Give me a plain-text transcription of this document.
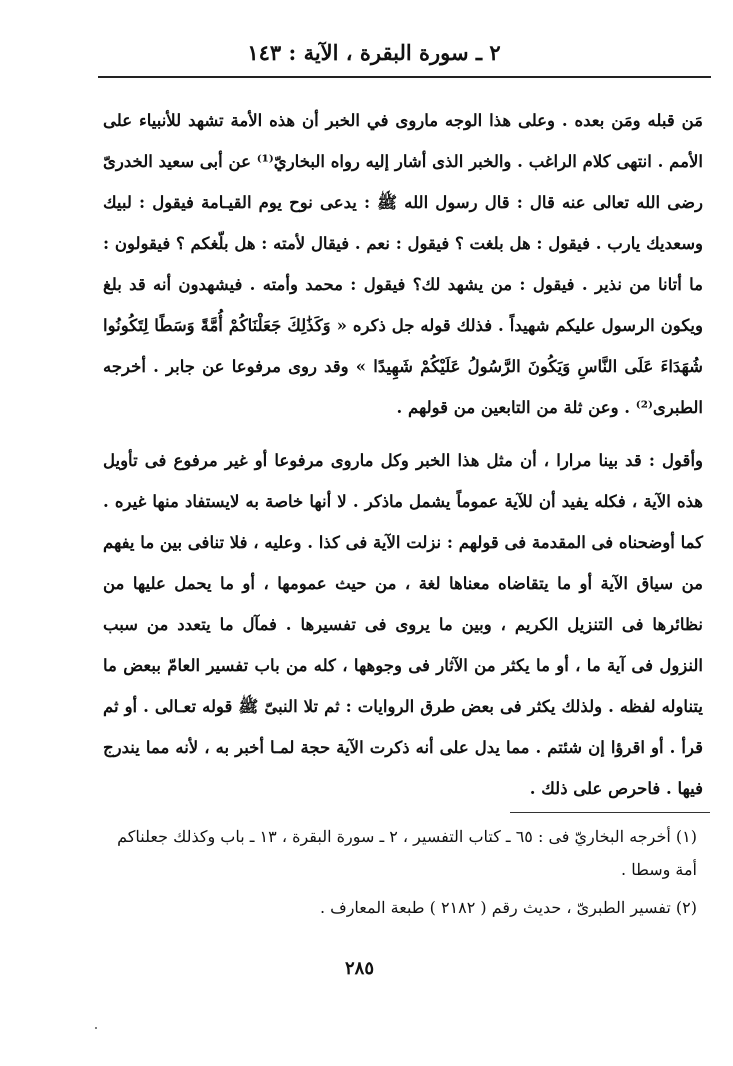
٢ ـ سورة البقرة ، الآية : ١٤٣

مَن قبله ومَن بعده . وعلى هذا الوجه ماروى في الخبر أن هذه الأمة تشهد للأنبياء على الأمم . انتهى كلام الراغب . والخبر الذى أشار إليه رواه البخاريّ⁽¹⁾ عن أبى سعيد الخدرىّ رضى الله تعالى عنه قال : قال رسول الله ﷺ : يدعى نوح يوم القيـامة فيقول : لبيك وسعديك يارب . فيقول : هل بلغت ؟ فيقول : نعم . فيقال لأمته : هل بلّغكم ؟ فيقولون : ما أتانا من نذير . فيقول : من يشهد لك؟ فيقول : محمد وأمته . فيشهدون أنه قد بلغ ويكون الرسول عليكم شهيداً . فذلك قوله جل ذكره « وَكَذَٰلِكَ جَعَلْنَاكُمْ أُمَّةً وَسَطًا لِتَكُونُوا شُهَدَاءَ عَلَى النَّاسِ وَيَكُونَ الرَّسُولُ عَلَيْكُمْ شَهِيدًا » وقد روى مرفوعا عن جابر . أخرجه الطبرى⁽²⁾ . وعن ثلة من التابعين من قولهم .

وأقول : قد بينا مرارا ، أن مثل هذا الخبر وكل ماروى مرفوعا أو غير مرفوع فى تأويل هذه الآية ، فكله يفيد أن للآية عموماً يشمل ماذكر . لا أنها خاصة به لايستفاد منها غيره . كما أوضحناه فى المقدمة فى قولهم : نزلت الآية فى كذا . وعليه ، فلا تنافى بين ما يفهم من سياق الآية أو ما يتقاضاه معناها لغة ، من حيث عمومها ، أو ما يحمل عليها من نظائرها فى التنزيل الكريم ، وبين ما يروى فى تفسيرها . فمآل ما يتعدد من سبب النزول فى آية ما ، أو ما يكثر من الآثار فى وجوهها ، كله من باب تفسير العامّ ببعض ما يتناوله لفظه . ولذلك يكثر فى بعض طرق الروايات : ثم تلا النبىّ ﷺ قوله تعـالى . أو ثم قرأ . أو اقرؤا إن شئتم . مما يدل على أنه ذكرت الآية حجة لمـا أخبر به ، لأنه مما يندرج فيها . فاحرص على ذلك .

(١) أخرجه البخاريّ فى : ٦٥ ـ كتاب التفسير ، ٢ ـ سورة البقرة ، ١٣ ـ باب وكذلك جعلناكم أمة وسطا .

(٢) تفسير الطبرىّ ، حديث رقم ( ٢١٨٢ ) طبعة المعارف .

٢٨٥
